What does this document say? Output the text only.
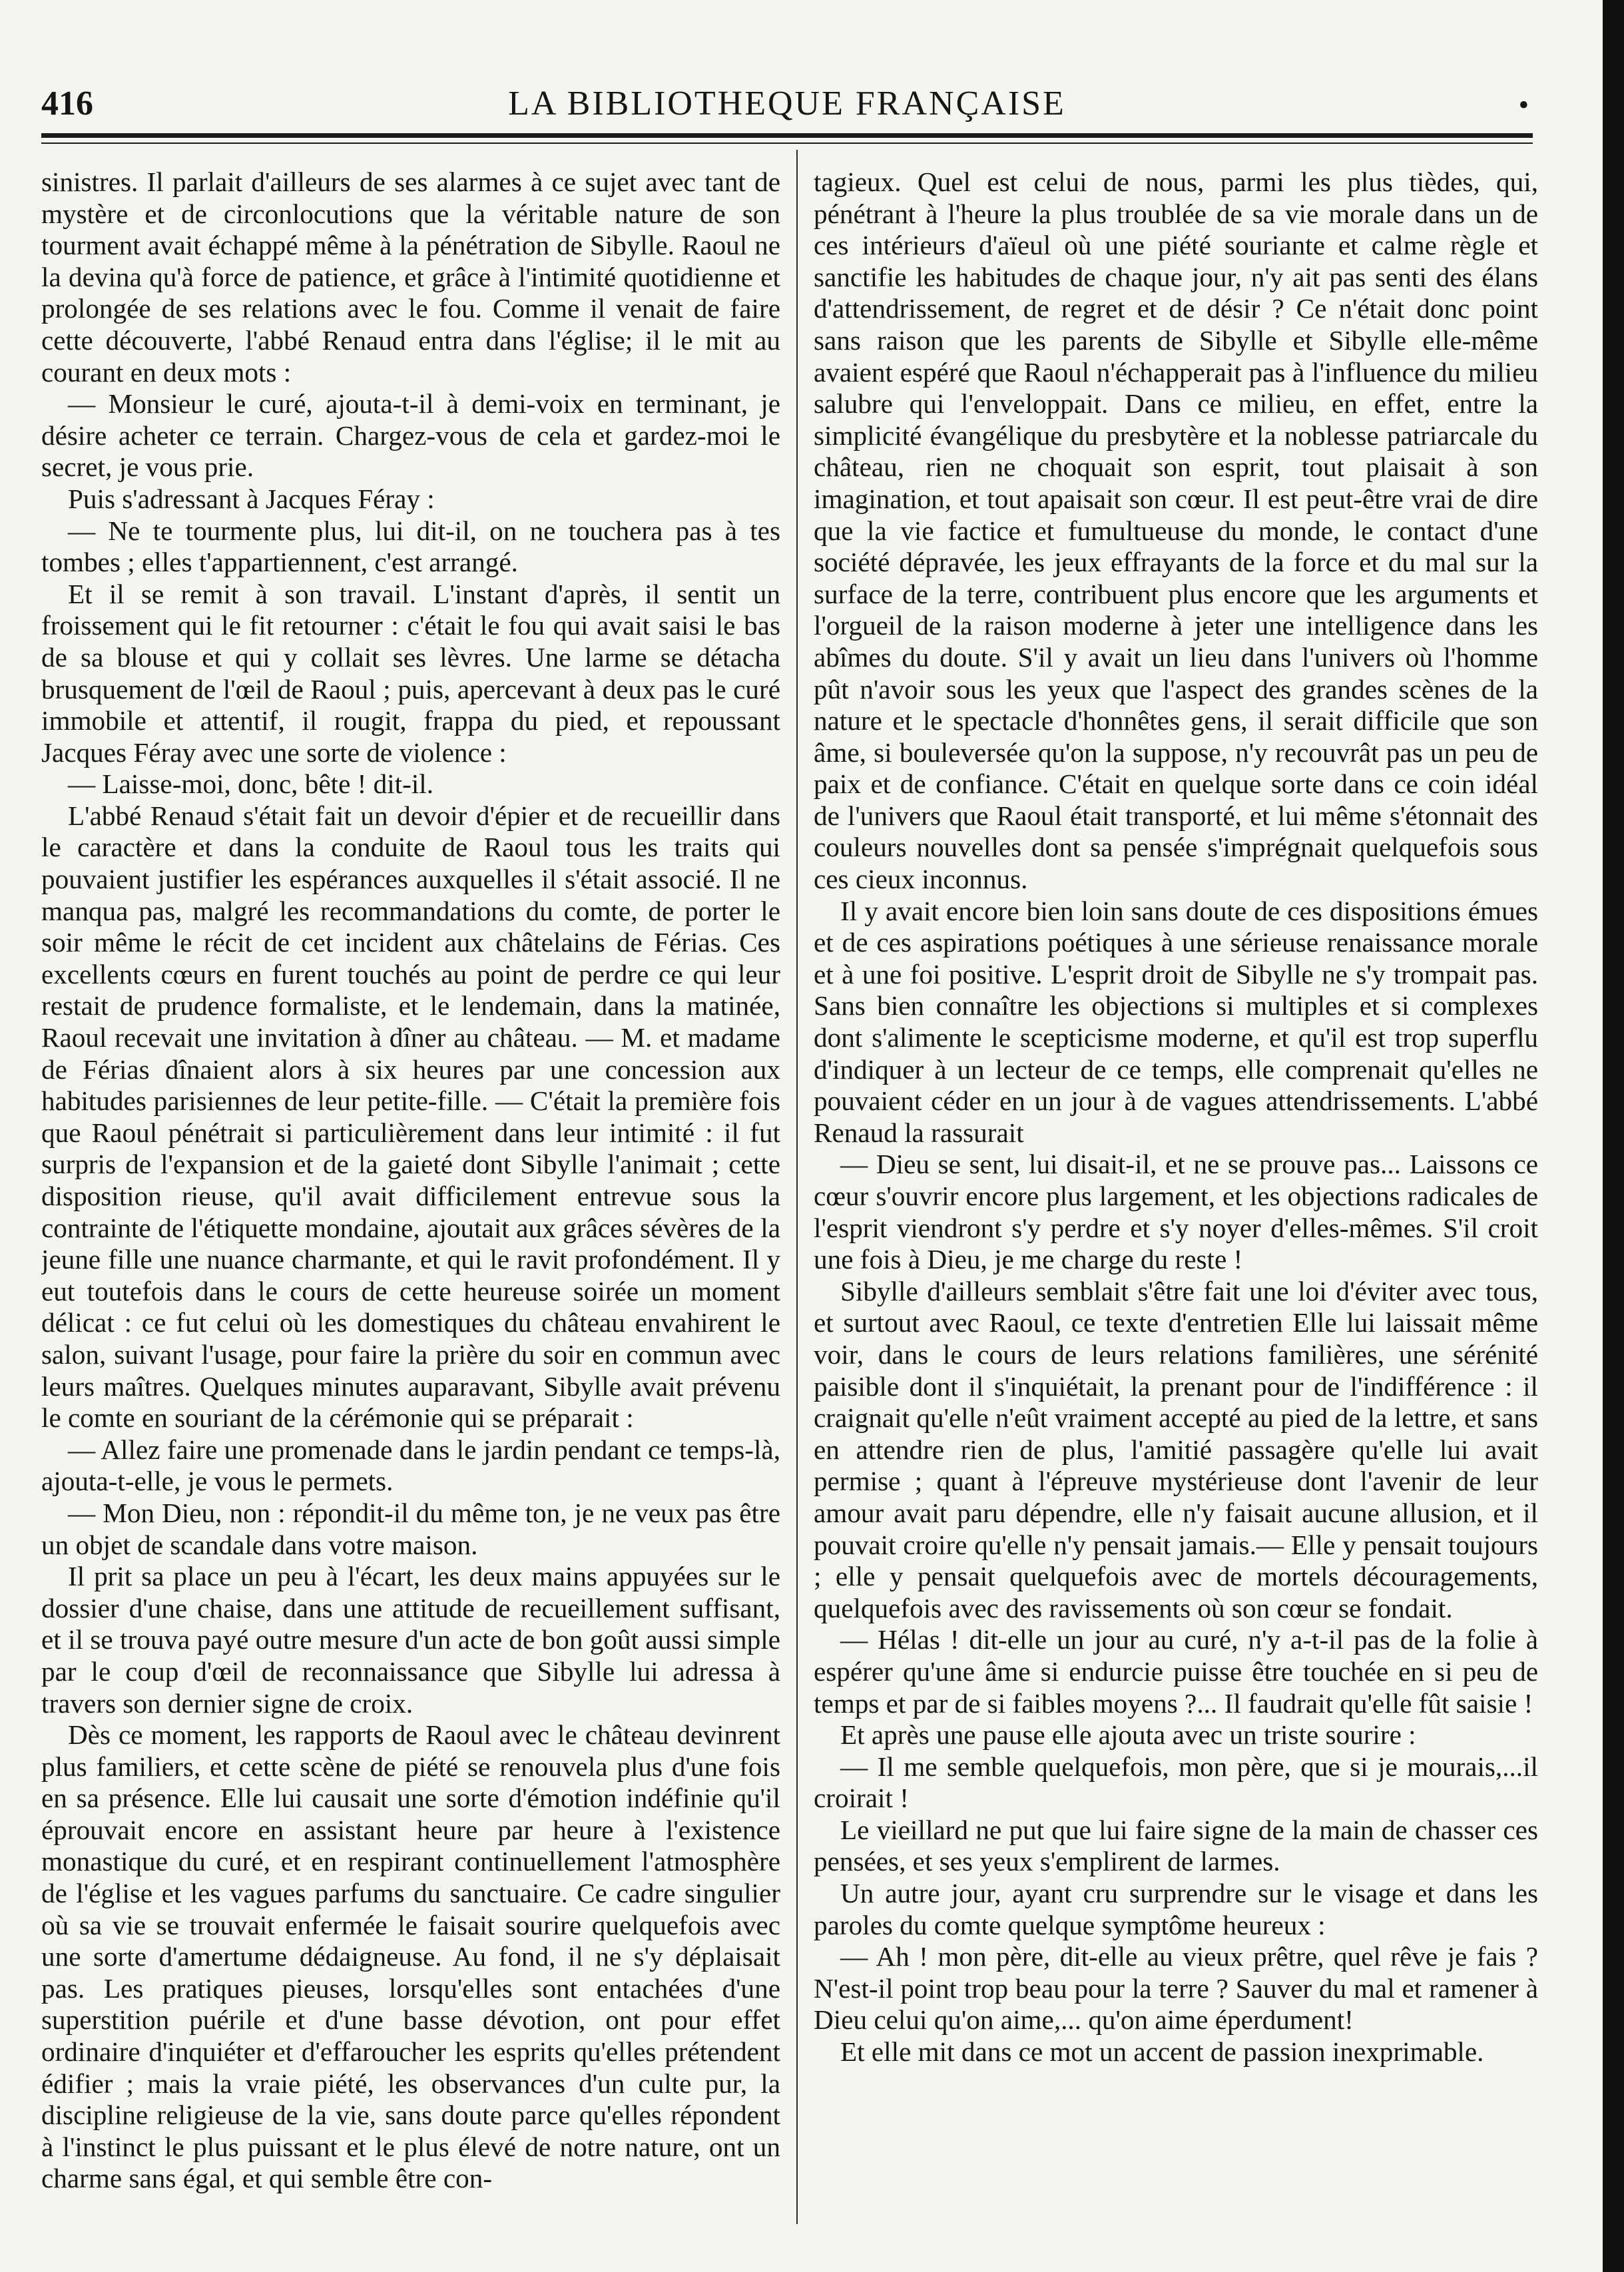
416	LA BIBLIOTHEQUE FRANÇAISE	•

sinistres. Il parlait d'ailleurs de ses alarmes à ce sujet avec tant de mystère et de circonlocutions que la véritable nature de son tourment avait échappé même à la pénétration de Sibylle. Raoul ne la devina qu'à force de patience, et grâce à l'intimité quotidienne et prolongée de ses relations avec le fou. Comme il venait de faire cette découverte, l'abbé Renaud entra dans l'église; il le mit au courant en deux mots :

— Monsieur le curé, ajouta-t-il à demi-voix en terminant, je désire acheter ce terrain. Chargez-vous de cela et gardez-moi le secret, je vous prie.

Puis s'adressant à Jacques Féray :

— Ne te tourmente plus, lui dit-il, on ne touchera pas à tes tombes ; elles t'appartiennent, c'est arrangé.

Et il se remit à son travail. L'instant d'après, il sentit un froissement qui le fit retourner : c'était le fou qui avait saisi le bas de sa blouse et qui y collait ses lèvres. Une larme se détacha brusquement de l'œil de Raoul ; puis, apercevant à deux pas le curé immobile et attentif, il rougit, frappa du pied, et repoussant Jacques Féray avec une sorte de violence :

— Laisse-moi, donc, bête ! dit-il.

L'abbé Renaud s'était fait un devoir d'épier et de recueillir dans le caractère et dans la conduite de Raoul tous les traits qui pouvaient justifier les espérances auxquelles il s'était associé. Il ne manqua pas, malgré les recommandations du comte, de porter le soir même le récit de cet incident aux châtelains de Férias. Ces excellents cœurs en furent touchés au point de perdre ce qui leur restait de prudence formaliste, et le lendemain, dans la matinée, Raoul recevait une invitation à dîner au château. — M. et madame de Férias dînaient alors à six heures par une concession aux habitudes parisiennes de leur petite-fille. — C'était la première fois que Raoul pénétrait si particulièrement dans leur intimité : il fut surpris de l'expansion et de la gaieté dont Sibylle l'animait ; cette disposition rieuse, qu'il avait difficilement entrevue sous la contrainte de l'étiquette mondaine, ajoutait aux grâces sévères de la jeune fille une nuance charmante, et qui le ravit profondément. Il y eut toutefois dans le cours de cette heureuse soirée un moment délicat : ce fut celui où les domestiques du château envahirent le salon, suivant l'usage, pour faire la prière du soir en commun avec leurs maîtres. Quelques minutes auparavant, Sibylle avait prévenu le comte en souriant de la cérémonie qui se préparait :

— Allez faire une promenade dans le jardin pendant ce temps-là, ajouta-t-elle, je vous le permets.

— Mon Dieu, non : répondit-il du même ton, je ne veux pas être un objet de scandale dans votre maison.

Il prit sa place un peu à l'écart, les deux mains appuyées sur le dossier d'une chaise, dans une attitude de recueillement suffisant, et il se trouva payé outre mesure d'un acte de bon goût aussi simple par le coup d'œil de reconnaissance que Sibylle lui adressa à travers son dernier signe de croix.

Dès ce moment, les rapports de Raoul avec le château devinrent plus familiers, et cette scène de piété se renouvela plus d'une fois en sa présence. Elle lui causait une sorte d'émotion indéfinie qu'il éprouvait encore en assistant heure par heure à l'existence monastique du curé, et en respirant continuellement l'atmosphère de l'église et les vagues parfums du sanctuaire. Ce cadre singulier où sa vie se trouvait enfermée le faisait sourire quelquefois avec une sorte d'amertume dédaigneuse. Au fond, il ne s'y déplaisait pas. Les pratiques pieuses, lorsqu'elles sont entachées d'une superstition puérile et d'une basse dévotion, ont pour effet ordinaire d'inquiéter et d'effaroucher les esprits qu'elles prétendent édifier ; mais la vraie piété, les observances d'un culte pur, la discipline religieuse de la vie, sans doute parce qu'elles répondent à l'instinct le plus puissant et le plus élevé de notre nature, ont un charme sans égal, et qui semble être con-

tagieux. Quel est celui de nous, parmi les plus tièdes, qui, pénétrant à l'heure la plus troublée de sa vie morale dans un de ces intérieurs d'aïeul où une piété souriante et calme règle et sanctifie les habitudes de chaque jour, n'y ait pas senti des élans d'attendrissement, de regret et de désir ? Ce n'était donc point sans raison que les parents de Sibylle et Sibylle elle-même avaient espéré que Raoul n'échapperait pas à l'influence du milieu salubre qui l'enveloppait. Dans ce milieu, en effet, entre la simplicité évangélique du presbytère et la noblesse patriarcale du château, rien ne choquait son esprit, tout plaisait à son imagination, et tout apaisait son cœur. Il est peut-être vrai de dire que la vie factice et fumultueuse du monde, le contact d'une société dépravée, les jeux effrayants de la force et du mal sur la surface de la terre, contribuent plus encore que les arguments et l'orgueil de la raison moderne à jeter une intelligence dans les abîmes du doute. S'il y avait un lieu dans l'univers où l'homme pût n'avoir sous les yeux que l'aspect des grandes scènes de la nature et le spectacle d'honnêtes gens, il serait difficile que son âme, si bouleversée qu'on la suppose, n'y recouvrât pas un peu de paix et de confiance. C'était en quelque sorte dans ce coin idéal de l'univers que Raoul était transporté, et lui même s'étonnait des couleurs nouvelles dont sa pensée s'imprégnait quelquefois sous ces cieux inconnus.

Il y avait encore bien loin sans doute de ces dispositions émues et de ces aspirations poétiques à une sérieuse renaissance morale et à une foi positive. L'esprit droit de Sibylle ne s'y trompait pas. Sans bien connaître les objections si multiples et si complexes dont s'alimente le scepticisme moderne, et qu'il est trop superflu d'indiquer à un lecteur de ce temps, elle comprenait qu'elles ne pouvaient céder en un jour à de vagues attendrissements. L'abbé Renaud la rassurait

— Dieu se sent, lui disait-il, et ne se prouve pas... Laissons ce cœur s'ouvrir encore plus largement, et les objections radicales de l'esprit viendront s'y perdre et s'y noyer d'elles-mêmes. S'il croit une fois à Dieu, je me charge du reste !

Sibylle d'ailleurs semblait s'être fait une loi d'éviter avec tous, et surtout avec Raoul, ce texte d'entretien Elle lui laissait même voir, dans le cours de leurs relations familières, une sérénité paisible dont il s'inquiétait, la prenant pour de l'indifférence : il craignait qu'elle n'eût vraiment accepté au pied de la lettre, et sans en attendre rien de plus, l'amitié passagère qu'elle lui avait permise ; quant à l'épreuve mystérieuse dont l'avenir de leur amour avait paru dépendre, elle n'y faisait aucune allusion, et il pouvait croire qu'elle n'y pensait jamais.— Elle y pensait toujours ; elle y pensait quelquefois avec de mortels découragements, quelquefois avec des ravissements où son cœur se fondait.

— Hélas ! dit-elle un jour au curé, n'y a-t-il pas de la folie à espérer qu'une âme si endurcie puisse être touchée en si peu de temps et par de si faibles moyens ?... Il faudrait qu'elle fût saisie !

Et après une pause elle ajouta avec un triste sourire :

— Il me semble quelquefois, mon père, que si je mourais,...il croirait !

Le vieillard ne put que lui faire signe de la main de chasser ces pensées, et ses yeux s'emplirent de larmes.

Un autre jour, ayant cru surprendre sur le visage et dans les paroles du comte quelque symptôme heureux :

— Ah ! mon père, dit-elle au vieux prêtre, quel rêve je fais ? N'est-il point trop beau pour la terre ? Sauver du mal et ramener à Dieu celui qu'on aime,... qu'on aime éperdument!

Et elle mit dans ce mot un accent de passion inexprimable.
